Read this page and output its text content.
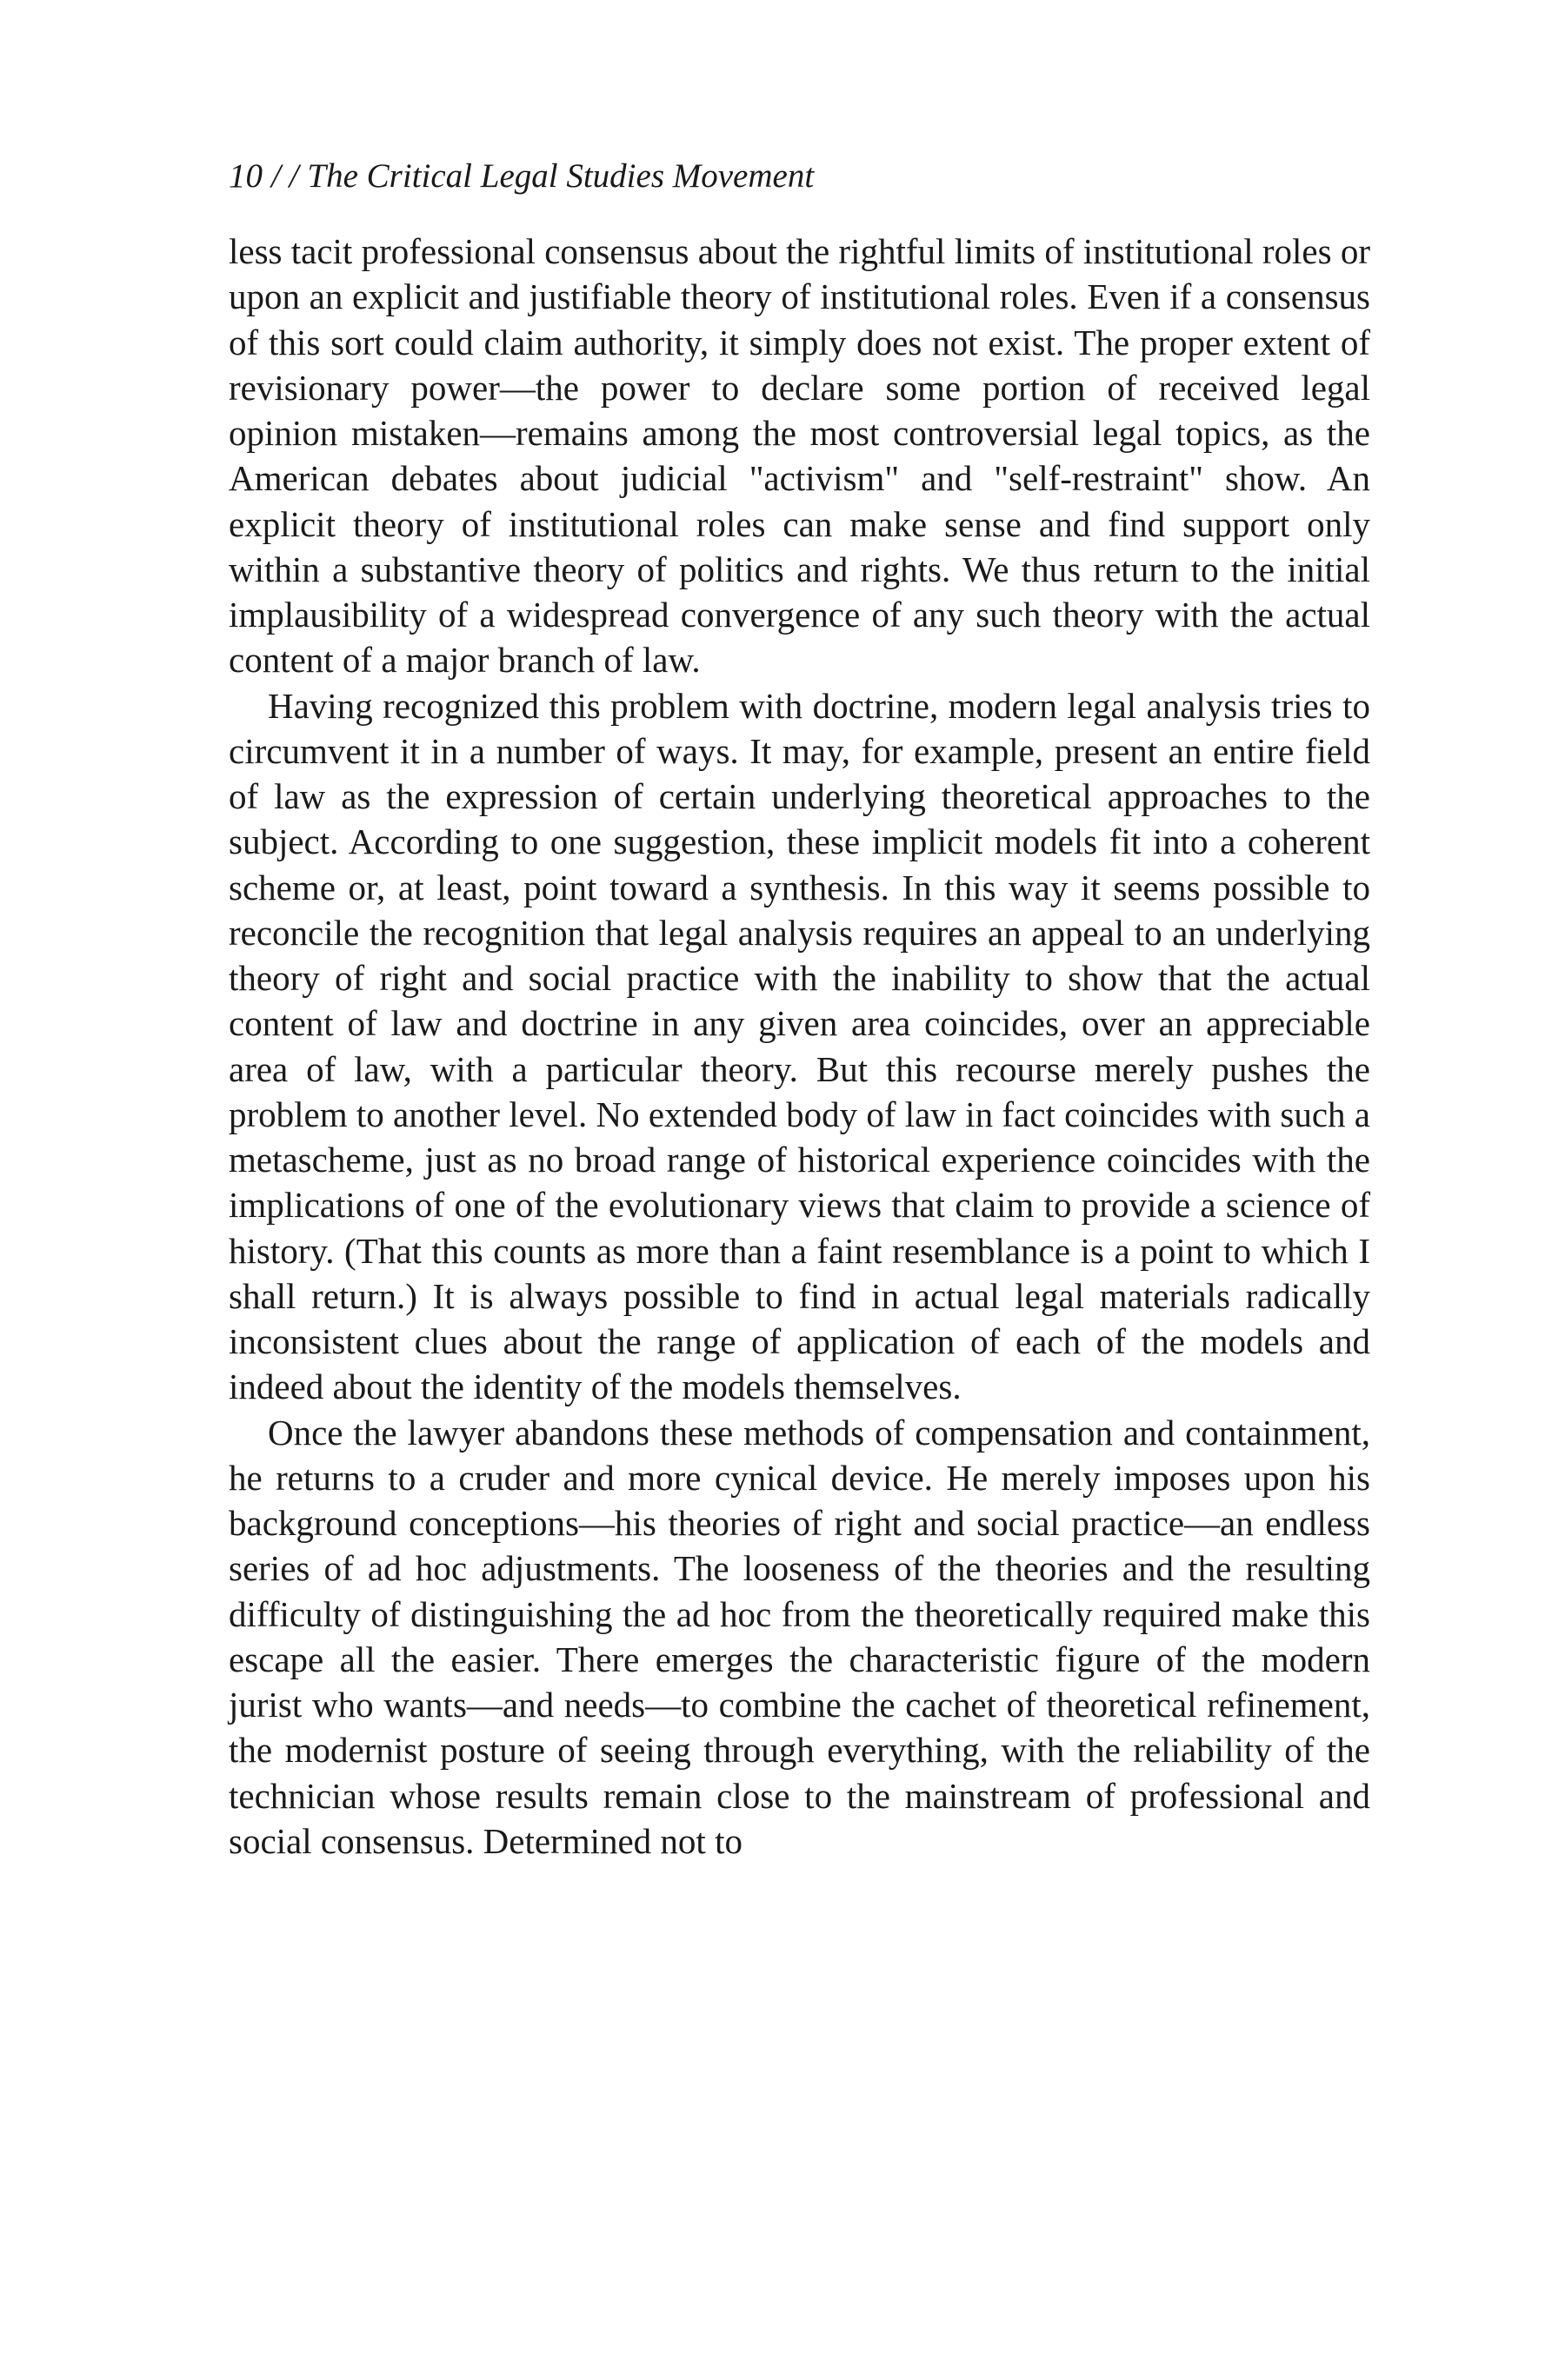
10 / / The Critical Legal Studies Movement

less tacit professional consensus about the rightful limits of institutional roles or upon an explicit and justifiable theory of institutional roles. Even if a consensus of this sort could claim authority, it simply does not exist. The proper extent of revisionary power—the power to declare some portion of received legal opinion mistaken—remains among the most controversial legal topics, as the American debates about judicial "activism" and "self-restraint" show. An explicit theory of institutional roles can make sense and find support only within a substantive theory of politics and rights. We thus return to the initial implausibility of a widespread convergence of any such theory with the actual content of a major branch of law.

Having recognized this problem with doctrine, modern legal analysis tries to circumvent it in a number of ways. It may, for example, present an entire field of law as the expression of certain underlying theoretical approaches to the subject. According to one suggestion, these implicit models fit into a coherent scheme or, at least, point toward a synthesis. In this way it seems possible to reconcile the recognition that legal analysis requires an appeal to an underlying theory of right and social practice with the inability to show that the actual content of law and doctrine in any given area coincides, over an appreciable area of law, with a particular theory. But this recourse merely pushes the problem to another level. No extended body of law in fact coincides with such a metascheme, just as no broad range of historical experience coincides with the implications of one of the evolutionary views that claim to provide a science of history. (That this counts as more than a faint resemblance is a point to which I shall return.) It is always possible to find in actual legal materials radically inconsistent clues about the range of application of each of the models and indeed about the identity of the models themselves.

Once the lawyer abandons these methods of compensation and containment, he returns to a cruder and more cynical device. He merely imposes upon his background conceptions—his theories of right and social practice—an endless series of ad hoc adjustments. The looseness of the theories and the resulting difficulty of distinguishing the ad hoc from the theoretically required make this escape all the easier. There emerges the characteristic figure of the modern jurist who wants—and needs—to combine the cachet of theoretical refinement, the modernist posture of seeing through everything, with the reliability of the technician whose results remain close to the mainstream of professional and social consensus. Determined not to
